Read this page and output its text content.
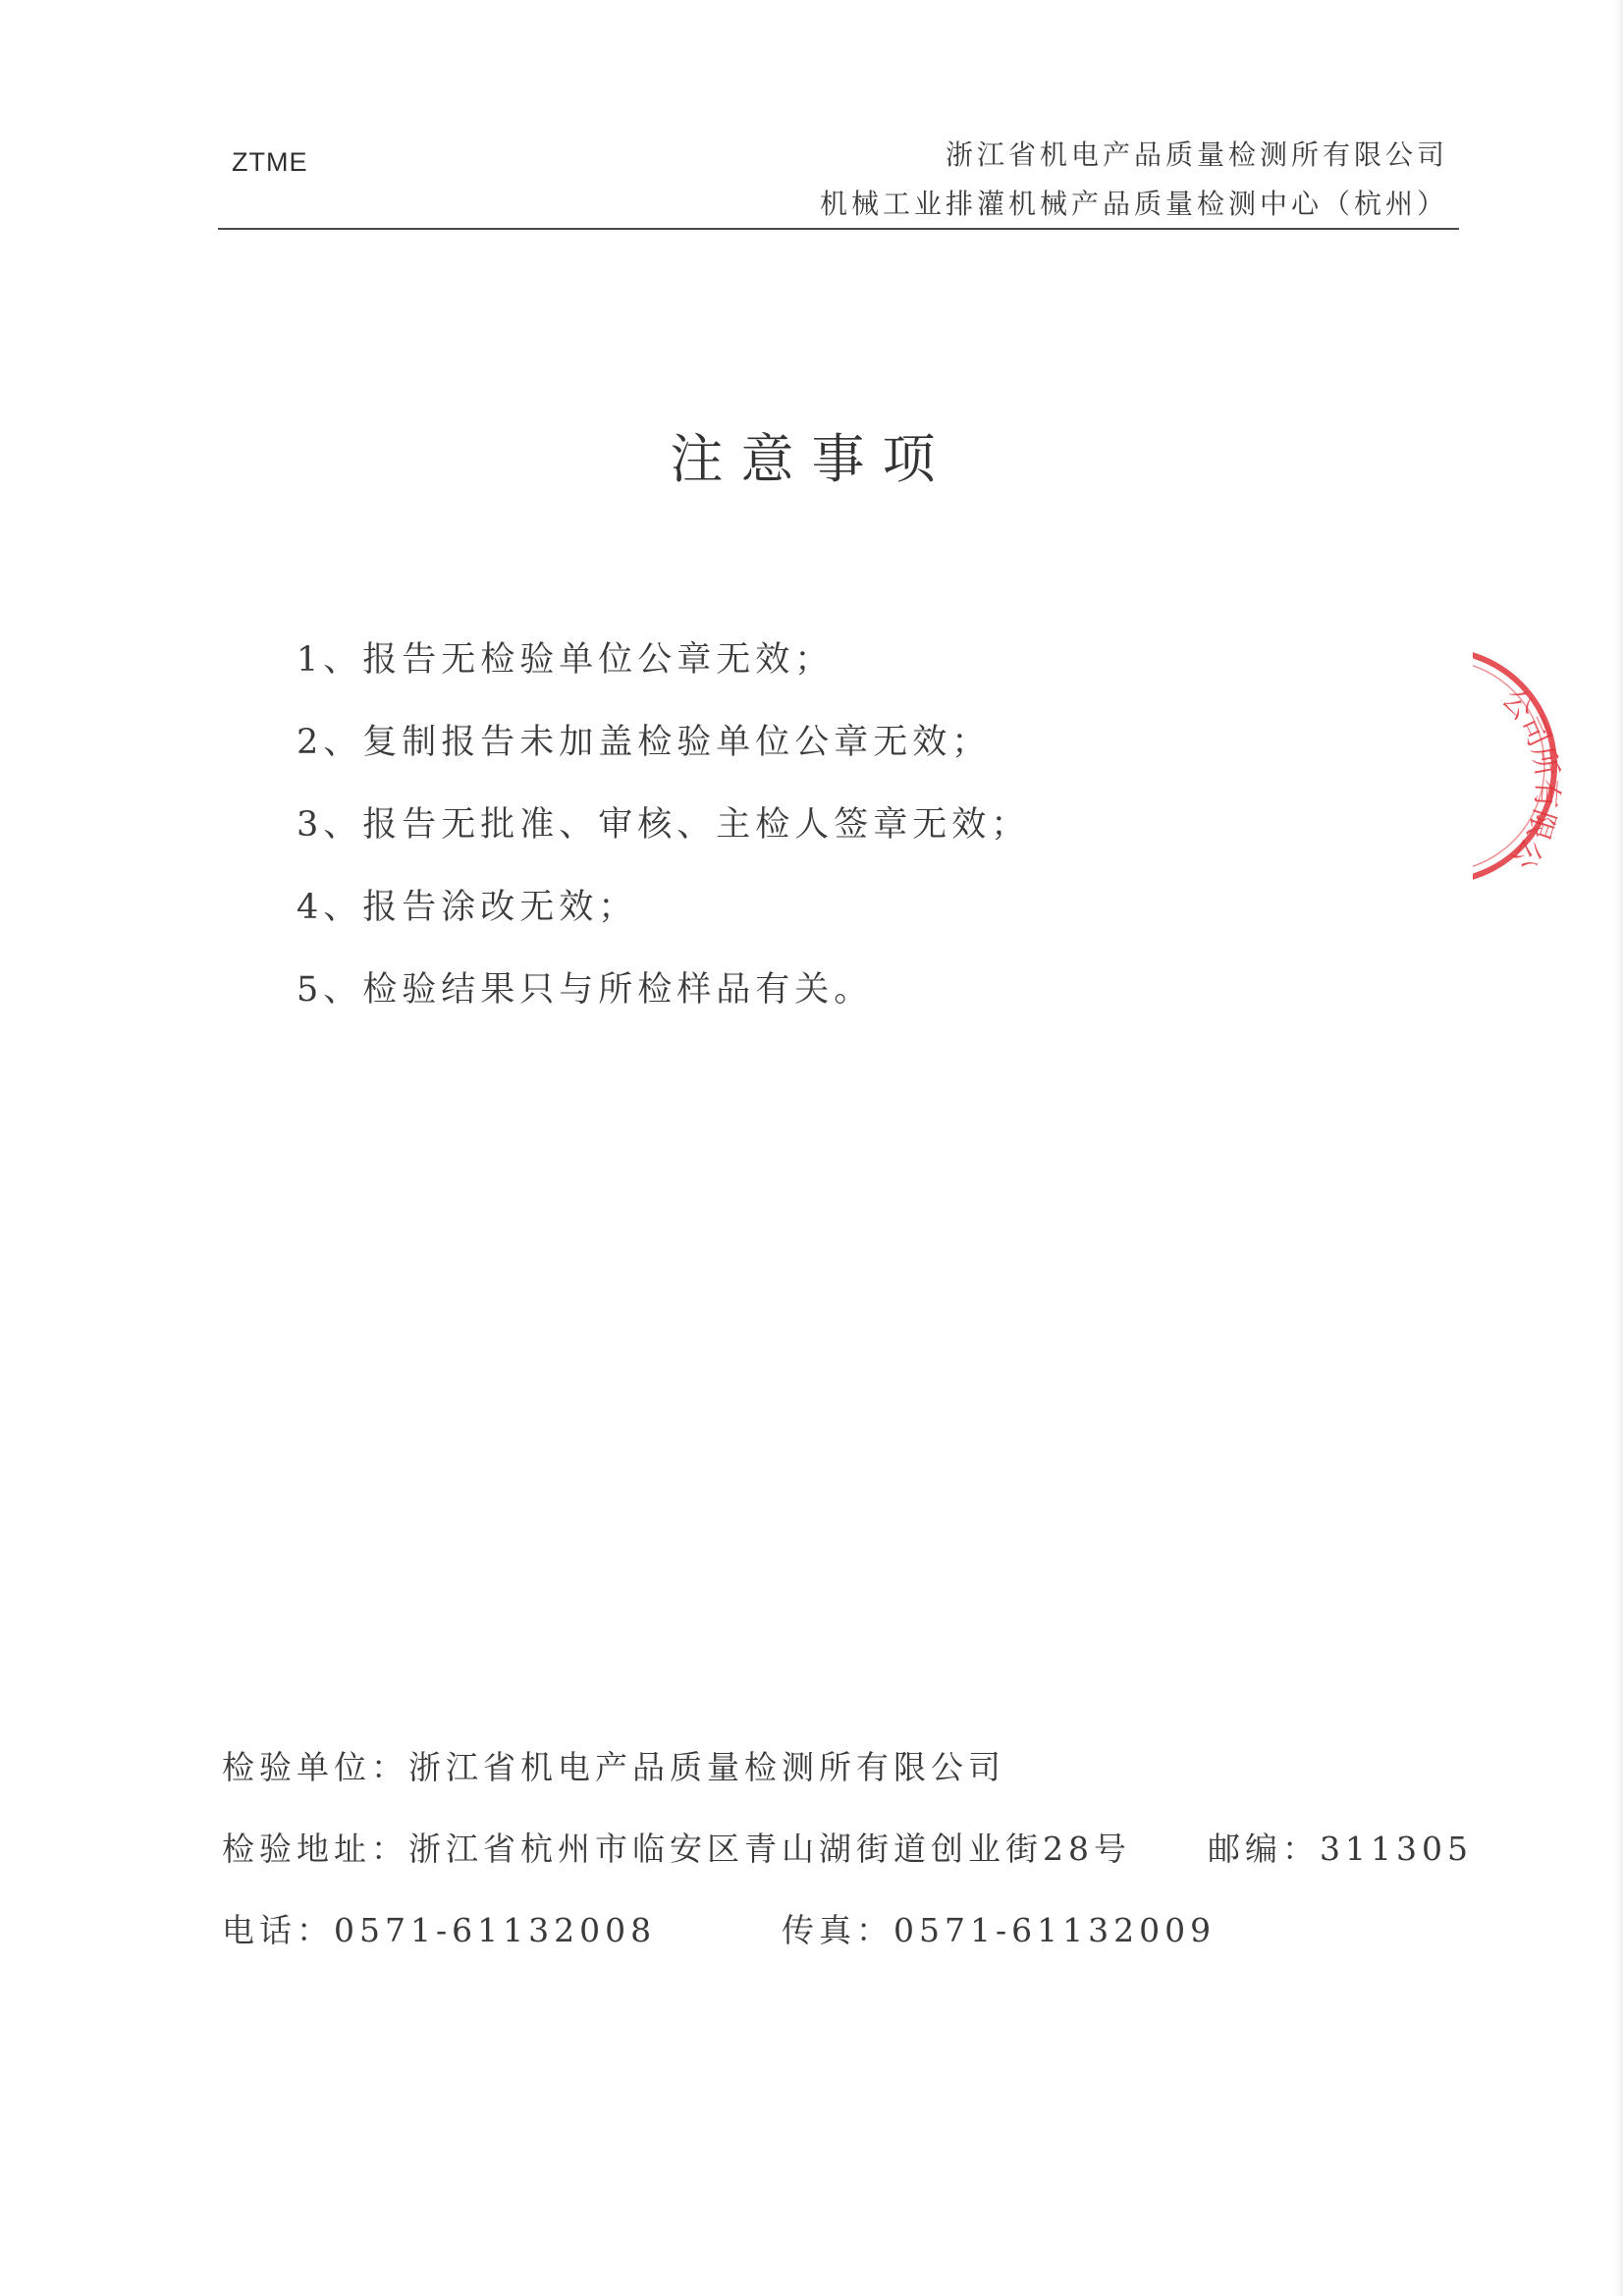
ZTME	浙江省机电产品质量检测所有限公司
机械工业排灌机械产品质量检测中心（杭州）
注意事项
1、报告无检验单位公章无效；
2、复制报告未加盖检验单位公章无效；
3、报告无批准、审核、主检人签章无效；
4、报告涂改无效；
5、检验结果只与所检样品有关。
检验单位：浙江省机电产品质量检测所有限公司
检验地址：浙江省杭州市临安区青山湖街道创业街28号 邮编：311305
电话：0571-61132008	传真：0571-61132009
公司所有限公
